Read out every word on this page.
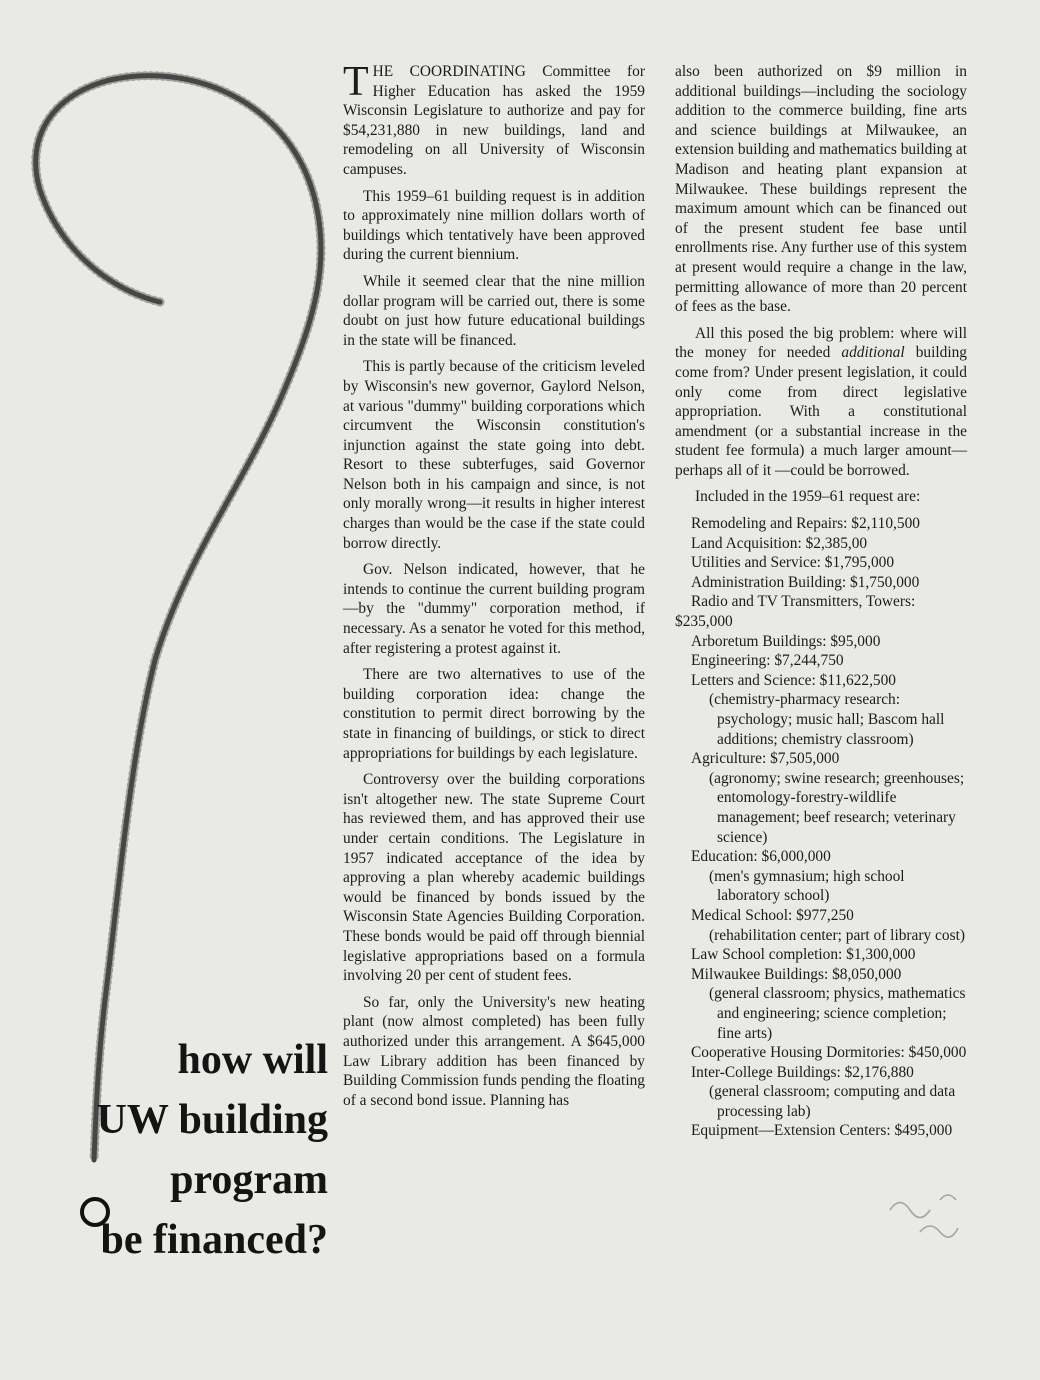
how will
UW building
program
be financed?

THE COORDINATING Committee for Higher Education has asked the 1959 Wisconsin Legislature to authorize and pay for $54,231,880 in new buildings, land and remodeling on all University of Wisconsin campuses.

This 1959–61 building request is in addition to approximately nine million dollars worth of buildings which tentatively have been approved during the current biennium.

While it seemed clear that the nine million dollar program will be carried out, there is some doubt on just how future educational buildings in the state will be financed.

This is partly because of the criticism leveled by Wisconsin's new governor, Gaylord Nelson, at various "dummy" building corporations which circumvent the Wisconsin constitution's injunction against the state going into debt. Resort to these subterfuges, said Governor Nelson both in his campaign and since, is not only morally wrong—it results in higher interest charges than would be the case if the state could borrow directly.

Gov. Nelson indicated, however, that he intends to continue the current building program—by the "dummy" corporation method, if necessary. As a senator he voted for this method, after registering a protest against it.

There are two alternatives to use of the building corporation idea: change the constitution to permit direct borrowing by the state in financing of buildings, or stick to direct appropriations for buildings by each legislature.

Controversy over the building corporations isn't altogether new. The state Supreme Court has reviewed them, and has approved their use under certain conditions. The Legislature in 1957 indicated acceptance of the idea by approving a plan whereby academic buildings would be financed by bonds issued by the Wisconsin State Agencies Building Corporation. These bonds would be paid off through biennial legislative appropriations based on a formula involving 20 per cent of student fees.

So far, only the University's new heating plant (now almost completed) has been fully authorized under this arrangement. A $645,000 Law Library addition has been financed by Building Commission funds pending the floating of a second bond issue. Planning has

also been authorized on $9 million in additional buildings—including the sociology addition to the commerce building, fine arts and science buildings at Milwaukee, an extension building and mathematics building at Madison and heating plant expansion at Milwaukee. These buildings represent the maximum amount which can be financed out of the present student fee base until enrollments rise. Any further use of this system at present would require a change in the law, permitting allowance of more than 20 percent of fees as the base.

All this posed the big problem: where will the money for needed additional building come from? Under present legislation, it could only come from direct legislative appropriation. With a constitutional amendment (or a substantial increase in the student fee formula) a much larger amount—perhaps all of it —could be borrowed.

Included in the 1959–61 request are:

Remodeling and Repairs: $2,110,500
Land Acquisition: $2,385,00
Utilities and Service: $1,795,000
Administration Building: $1,750,000
Radio and TV Transmitters, Towers: $235,000
Arboretum Buildings: $95,000
Engineering: $7,244,750
Letters and Science: $11,622,500
(chemistry-pharmacy research: psychology; music hall; Bascom hall additions; chemistry classroom)
Agriculture: $7,505,000
(agronomy; swine research; greenhouses; entomology-forestry-wildlife management; beef research; veterinary science)
Education: $6,000,000
(men's gymnasium; high school laboratory school)
Medical School: $977,250
(rehabilitation center; part of library cost)
Law School completion: $1,300,000
Milwaukee Buildings: $8,050,000
(general classroom; physics, mathematics and engineering; science completion; fine arts)
Cooperative Housing Dormitories: $450,000
Inter-College Buildings: $2,176,880
(general classroom; computing and data processing lab)
Equipment—Extension Centers: $495,000
